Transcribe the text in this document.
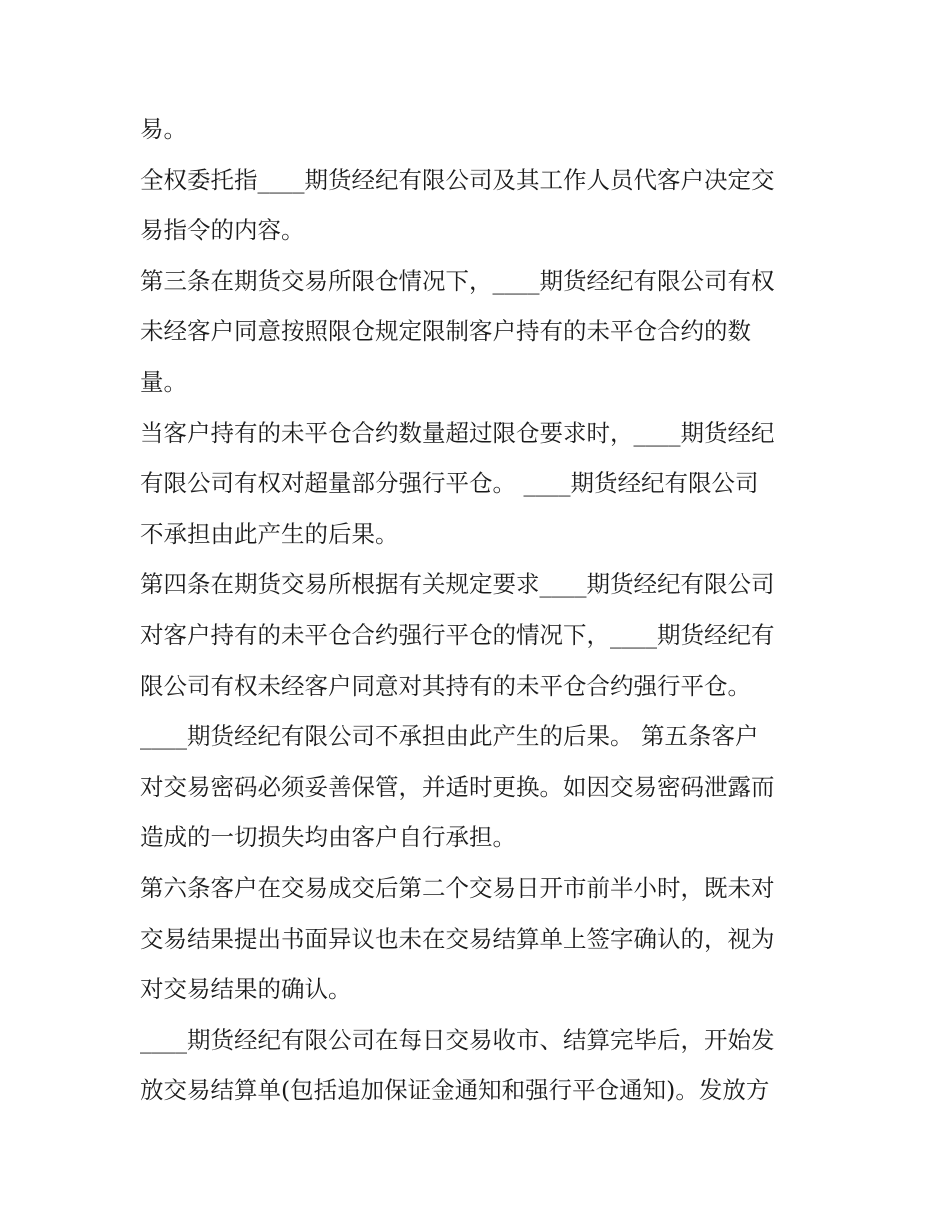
易。
全权委托指____期货经纪有限公司及其工作人员代客户决定交
易指令的内容。
第三条在期货交易所限仓情况下，____期货经纪有限公司有权
未经客户同意按照限仓规定限制客户持有的未平仓合约的数
量。
当客户持有的未平仓合约数量超过限仓要求时，____期货经纪
有限公司有权对超量部分强行平仓。 ____期货经纪有限公司
不承担由此产生的后果。
第四条在期货交易所根据有关规定要求____期货经纪有限公司
对客户持有的未平仓合约强行平仓的情况下，____期货经纪有
限公司有权未经客户同意对其持有的未平仓合约强行平仓。
____期货经纪有限公司不承担由此产生的后果。 第五条客户
对交易密码必须妥善保管，并适时更换。如因交易密码泄露而
造成的一切损失均由客户自行承担。
第六条客户在交易成交后第二个交易日开市前半小时，既未对
交易结果提出书面异议也未在交易结算单上签字确认的，视为
对交易结果的确认。
____期货经纪有限公司在每日交易收市、结算完毕后，开始发
放交易结算单(包括追加保证金通知和强行平仓通知)。发放方
